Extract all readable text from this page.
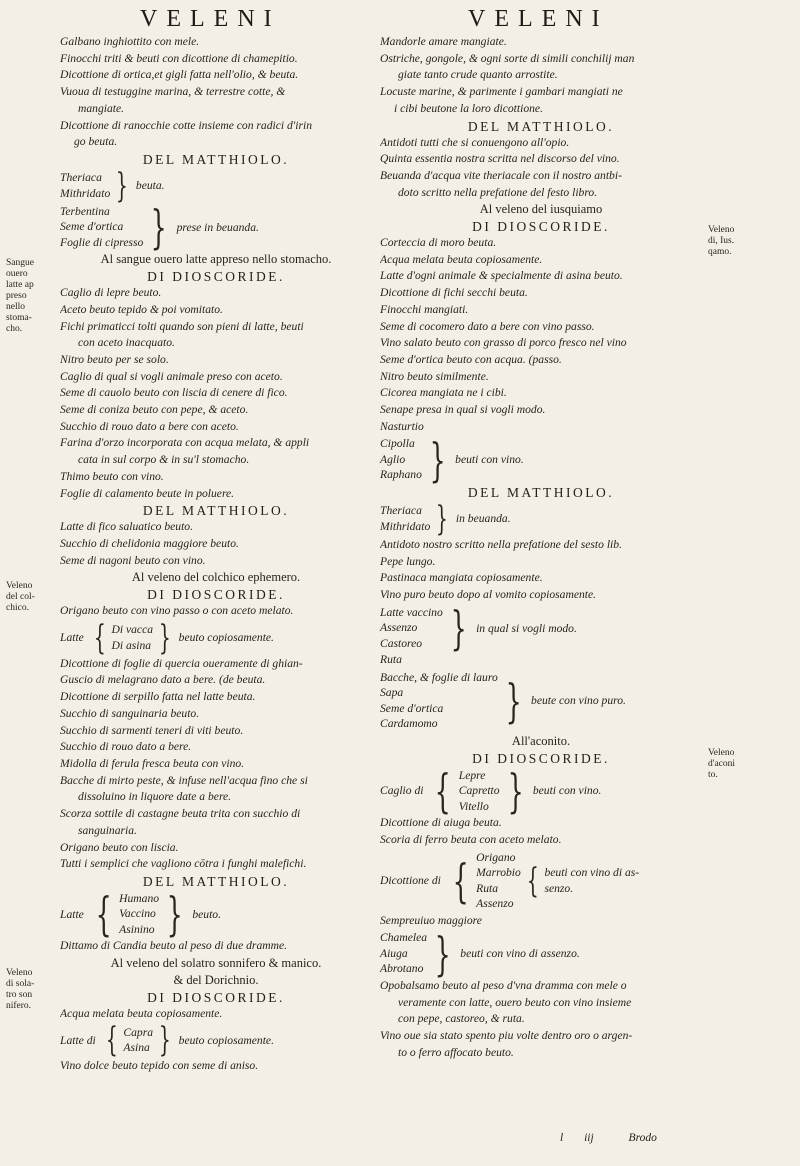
VELENI	VELENI
Galbano inghiottito con mele.
Finocchi triti & beuti con dicottione di chamepitio.
Dicottione di ortica,et gigli fatta nell'olio, & beuta.
Vuoua di testuggine marina, & terrestre cotte, &
mangiate.
Dicottione di ranocchie cotte insieme con radici d'irin
go beuta.
DEL MATTHIOLO.
Theriaca
Mithridato } beuta.
Terbentina
Seme d'ortica
Foglie di cipresso } prese in beuanda.
Al sangue ouero latte appreso nello stomacho.
DI DIOSCORIDE.
Caglio di lepre beuto.
Aceto beuto tepido & poi vomitato.
Fichi primaticci tolti quando son pieni di latte, beuti
con aceto inacquato.
Nitro beuto per se solo.
Caglio di qual si vogli animale preso con aceto.
Seme di cauolo beuto con liscia di cenere di fico.
Seme di coniza beuto con pepe, & aceto.
Succhio di rouo dato a bere con aceto.
Farina d'orzo incorporata con acqua melata, & appli
cata in sul corpo & in su'l stomacho.
Thimo beuto con vino.
Foglie di calamento beute in poluere.
DEL MATTHIOLO.
Latte di fico saluatico beuto.
Succhio di chelidonia maggiore beuto.
Seme di nagoni beuto con vino.
Al veleno del colchico ephemero.
DI DIOSCORIDE.
Origano beuto con vino passo o con aceto melato.
Latte { Di vacca
Di asina } beuto copiosamente.
Dicottione di foglie di quercia oueramente di ghian-
Guscio di melagrano dato a bere. (de beuta.
Dicottione di serpillo fatta nel latte beuta.
Succhio di sanguinaria beuto.
Succhio di sarmenti teneri di viti beuto.
Succhio di rouo dato a bere.
Midolla di ferula fresca beuta con vino.
Bacche di mirto peste, & infuse nell'acqua fino che si
dissoluino in liquore date a bere.
Scorza sottile di castagne beuta trita con succhio di
sanguinaria.
Origano beuto con liscia.
Tutti i semplici che vagliono cōtra i funghi malefichi.
DEL MATTHIOLO.
Latte { Humano
Vaccino
Asinino } beuto.
Dittamo di Candia beuto al peso di due dramme.
Al veleno del solatro sonnifero & manico.
& del Dorichnio.
DI DIOSCORIDE.
Acqua melata beuta copiosamente.
Latte di { Capra
Asina } beuto copiosamente.
Vino dolce beuto tepido con seme di aniso.
Mandorle amare mangiate.
Ostriche, gongole, & ogni sorte di simili conchilij man
giate tanto crude quanto arrostite.
Locuste marine, & parimente i gambari mangiati ne
i cibi beutone la loro dicottione.
DEL MATTHIOLO.
Antidoti tutti che si conuengono all'opio.
Quinta essentia nostra scritta nel discorso del vino.
Beuanda d'acqua vite theriacale con il nostro antbi-
doto scritto nella prefatione del festo libro.
Al veleno del iusquiamo
DI DIOSCORIDE.
Corteccia di moro beuta.
Acqua melata beuta copiosamente.
Latte d'ogni animale & specialmente di asina beuto.
Dicottione di fichi secchi beuta.
Finocchi mangiati.
Seme di cocomero dato a bere con vino passo.
Vino salato beuto con grasso di porco fresco nel vino
Seme d'ortica beuto con acqua. (passo.
Nitro beuto similmente.
Cicorea mangiata ne i cibi.
Senape presa in qual si vogli modo.
Nasturtio
Cipolla
Aglio
Raphano } beuti con vino.
DEL MATTHIOLO.
Theriaca
Mithridato } in beuanda.
Antidoto nostro scritto nella prefatione del sesto lib.
Pepe lungo.
Pastinaca mangiata copiosamente.
Vino puro beuto dopo al vomito copiosamente.
Latte vaccino
Assenzo
Castoreo } in qual si vogli modo.
Ruta
Bacche, & foglie di lauro
Sapa
Seme d'ortica
Cardamomo	} beute con vino puro.
All'aconito.
DI DIOSCORIDE.
Caglio di { Lepre
Capretto
Vitello } beuti con vino.
Dicottione di aiuga beuta.
Scoria di ferro beuta con aceto melato.
Dicottione di { Origano
Marrobio
Ruta
Assenzo
{ beuti con vino di as-
senzo.
Sempreuiuo maggiore
Chamelea
Aiuga
Abrotano } beuti con vino di assenzo.
Opobalsamo beuto al peso d'vna dramma con mele o
veramente con latte, ouero beuto con vino insieme
con pepe, castoreo, & ruta.
Vino oue sia stato spento piu volte dentro oro o argen-
to o ferro affocato beuto.
Sangue
ouero
latte ap
preso
nello
stoma-
cho.
Veleno
del col-
chico.
Veleno
di sola-
tro son
nifero.
Veleno
di, Ius.
qamo.
Veleno
d'aconi
to.
l iij	Brodo
